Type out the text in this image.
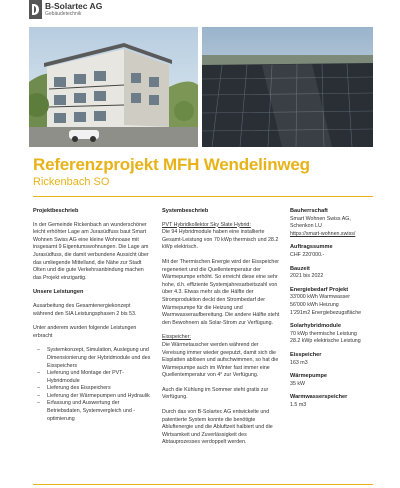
B-Solartec AG
Gebäudetechnik
Referenzprojekt MFH Wendelinweg
Rickenbach SO
Projektbeschrieb

In der Gemeinde Rickenbach an wunderschöner leicht erhöhter Lage am Jurasüdfuss baut Smart Wohnen Swiss AG eine kleine Wohnoase mit insgesamt 9 Eigentumswohnungen. Die Lage am Jurasüdfuss, die damit verbundene Aussicht über das umliegende Mittelland, die Nähe zur Stadt Olten und die gute Verkehrsanbindung machen das Projekt einzigartig.

Unsere Leistungen

Ausarbeitung des Gesamtenergiekonzept während den SIA Leistungsphasen 2 bis 53.

Unter anderem wurden folgende Leistungen erbracht

– Systemkonzept, Simulation, Auslegung und Dimensionierung der Hybridmodule und des Eisspeichers
– Lieferung und Montage der PVT-Hybridmodule
– Lieferung des Eisspeichers
– Lieferung der Wärmepumpen und Hydraulik
– Erfassung und Auswertung der Betriebsdaten, Systemvergleich und -optimierung
Systembeschrieb
PVT Hybridkollektor Sky Slate Hybrid:

Die 94 Hybridmodule haben eine installierte Gesamt-Leistung von 70 kWp thermisch und 28.2 kWp elektrisch.

Mit der Thermischen Energie wird der Eisspeicher regeneriert und die Quellentemperatur der Wärmepumpe erhöht. So erreicht diese eine sehr hohe, d.h. effiziente Systemjahresarbeitszahl von über 4.3. Etwas mehr als die Hälfte der Stromproduktion deckt den Strombedarf der Wärmepumpe für die Heizung und Warmwasseraufbereitung. Die andere Hälfte steht den Bewohnern als Solar-Strom zur Verfügung.

Eisspeicher:

Die Wärmetauscher werden während der Vereisung immer wieder geeputzt, damit sich die Eisplatten ablösen und aufschwimmen, so hat die Wärmepumpe auch im Winter fast immer eine Quellentemperatur von 4° zur Verfügung.

Auch die Kühlung im Sommer steht gratis zur Verfügung.

Durch das von B-Solartec AG entwickelte und patentierte System konnte die benötigte Abluftenergie und die Abluftzeit halbiert und die Wirtsamkeit und Zuverlässigkeit des Abtauprozesses verdoppelt werden.

Bauherrschaft
Smart Wohnen Swiss AG,
Schenkon LU
https://smart-wohnen.swiss/
Auftragssumme
CHF 220'000.-
Bauzeit
2021 bis 2022
Energiebedarf Projekt
33'000 kWh Warmwasser
56'000 kWh Heizung
1'291m2 Energiebezugsfläche
Solarhybridmodule
70 kWp thermische Leistung
28.2 kWp elektrische Leistung
Eisspeicher
163 m3
Wärmepumpe
35 kW
Warmwasserspeicher
1.5 m3
